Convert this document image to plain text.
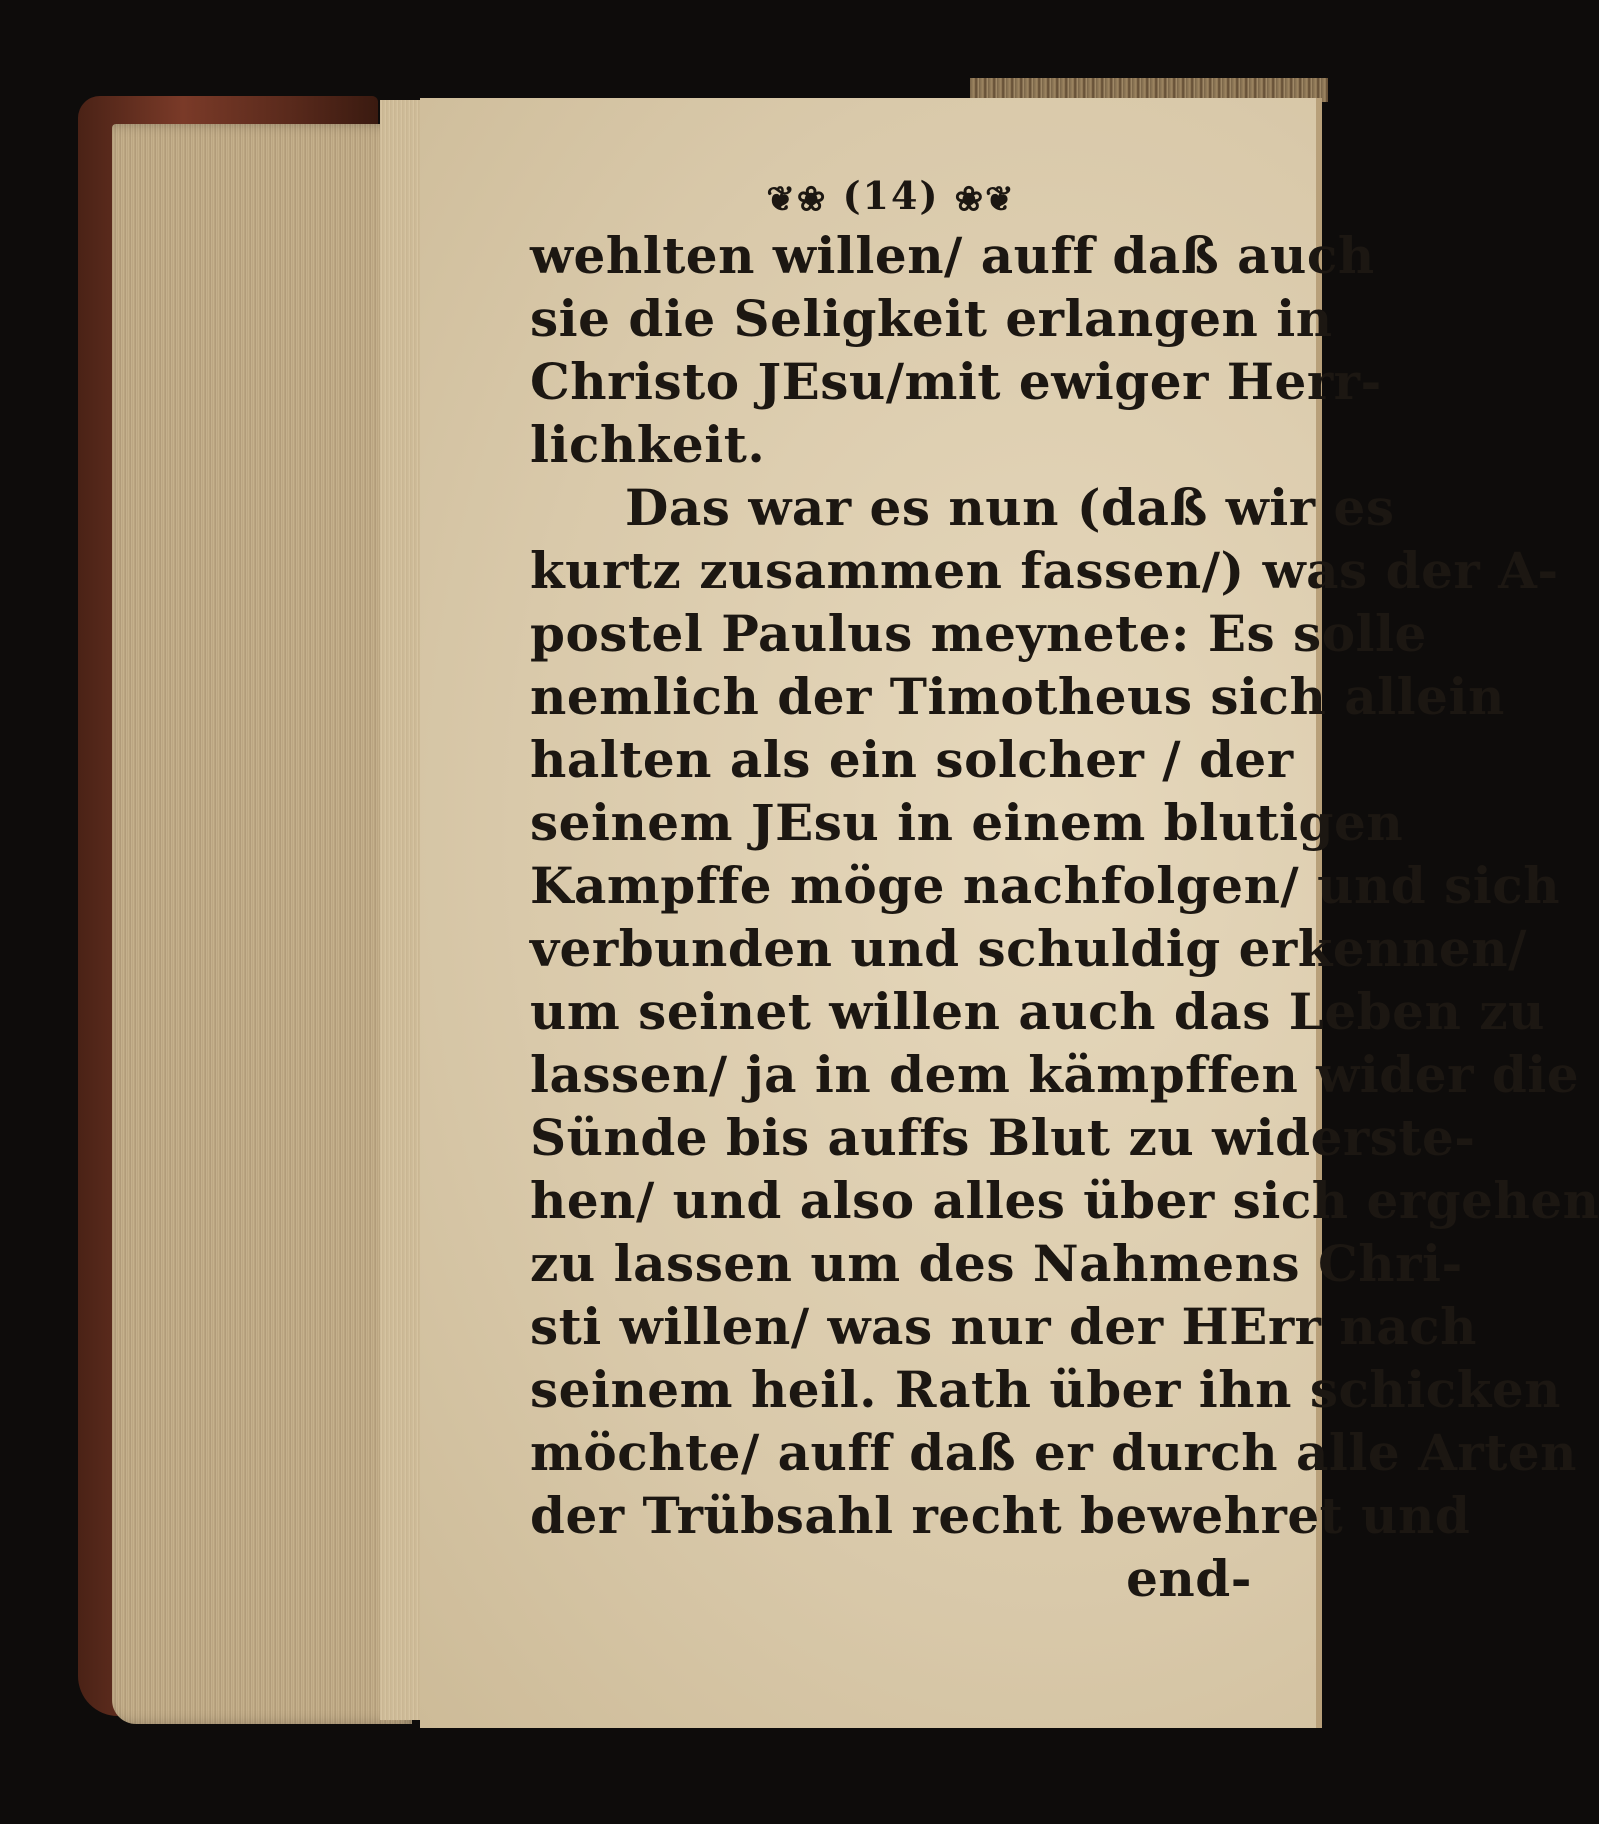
❦❀ (14) ❀❦
wehlten willen/ auff daß auch
sie die Seligkeit erlangen in
Christo JEsu/mit ewiger Herr-
lichkeit.
Das war es nun (daß wir es
kurtz zusammen fassen/) was der A-
postel Paulus meynete: Es solle
nemlich der Timotheus sich allein
halten als ein solcher / der
seinem JEsu in einem blutigen
Kampffe möge nachfolgen/ und sich
verbunden und schuldig erkennen/
um seinet willen auch das Leben zu
lassen/ ja in dem kämpffen wider die
Sünde bis auffs Blut zu widerste-
hen/ und also alles über sich ergehen
zu lassen um des Nahmens Chri-
sti willen/ was nur der HErr nach
seinem heil. Rath über ihn schicken
möchte/ auff daß er durch alle Arten
der Trübsahl recht bewehret und
end-
